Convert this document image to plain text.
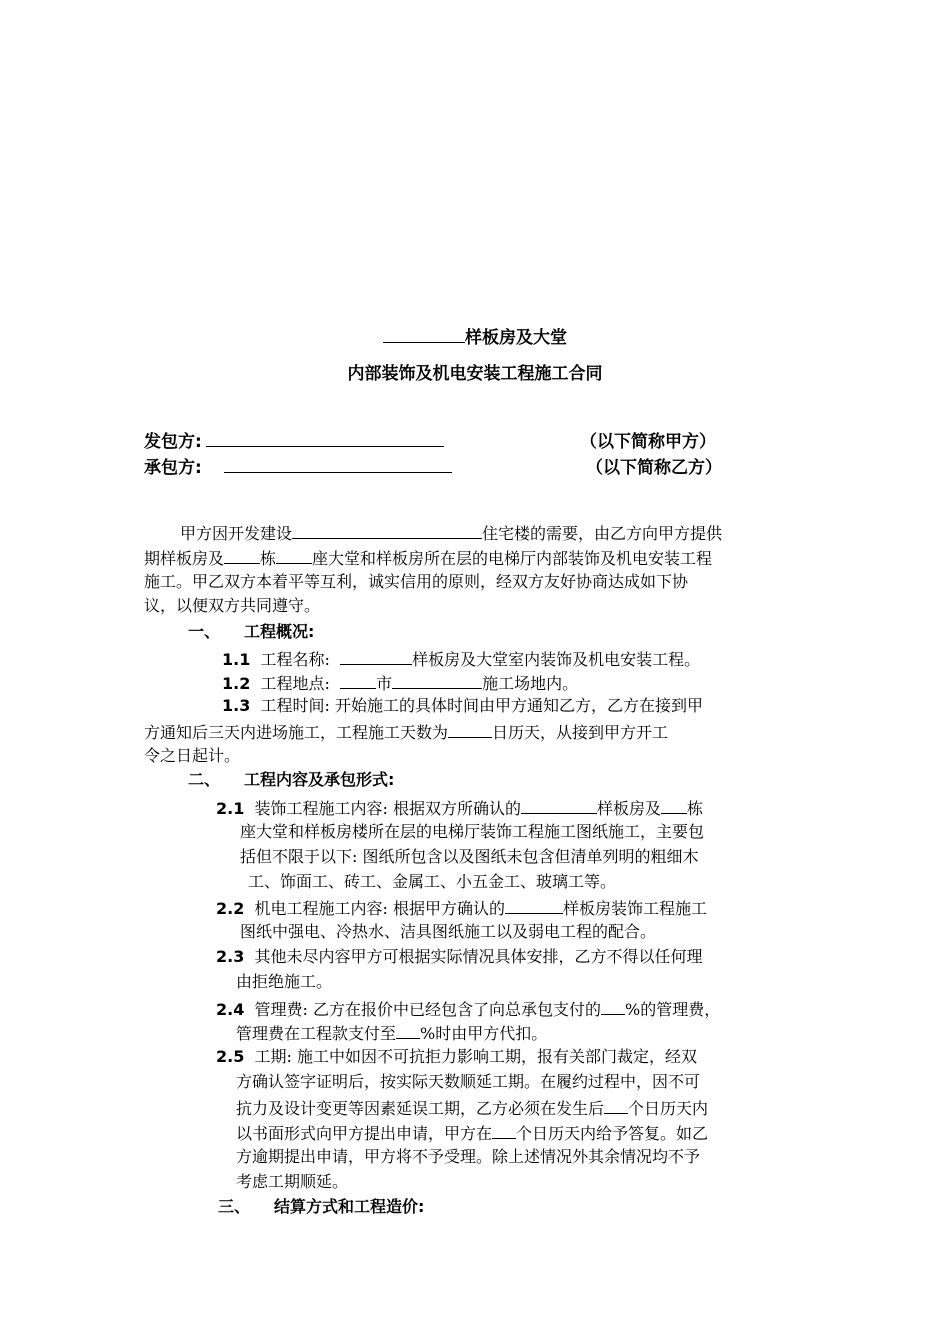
样板房及大堂
内部装饰及机电安装工程施工合同
发包方:	（以下简称甲方）
承包方:	（以下简称乙方）
甲方因开发建设	住宅楼的需要，由乙方向甲方提供
期样板房及 栋 座大堂和样板房所在层的电梯厅内部装饰及机电安装工程
施工。甲乙双方本着平等互利，诚实信用的原则，经双方友好协商达成如下协
议，以便双方共同遵守。
一、 工程概况:
1.1 工程名称:	样板房及大堂室内装饰及机电安装工程。
1.2 工程地点:	市	施工场地内。
1.3 工程时间: 开始施工的具体时间由甲方通知乙方，乙方在接到甲
方通知后三天内进场施工，工程施工天数为	日历天，从接到甲方开工
令之日起计。
二、 工程内容及承包形式:
2.1 装饰工程施工内容: 根据双方所确认的	样板房及 栋
座大堂和样板房楼所在层的电梯厅装饰工程施工图纸施工，主要包
括但不限于以下: 图纸所包含以及图纸未包含但清单列明的粗细木
工、饰面工、砖工、金属工、小五金工、玻璃工等。
2.2 机电工程施工内容: 根据甲方确认的	样板房装饰工程施工
图纸中强电、冷热水、洁具图纸施工以及弱电工程的配合。
2.3 其他未尽内容甲方可根据实际情况具体安排，乙方不得以任何理
由拒绝施工。
2.4 管理费: 乙方在报价中已经包含了向总承包支付的 %的管理费，
管理费在工程款支付至 %时由甲方代扣。
2.5 工期: 施工中如因不可抗拒力影响工期，报有关部门裁定，经双
方确认签字证明后，按实际天数顺延工期。在履约过程中，因不可
抗力及设计变更等因素延误工期，乙方必须在发生后 个日历天内
以书面形式向甲方提出申请，甲方在 个日历天内给予答复。如乙
方逾期提出申请，甲方将不予受理。除上述情况外其余情况均不予
考虑工期顺延。
三、 结算方式和工程造价:
